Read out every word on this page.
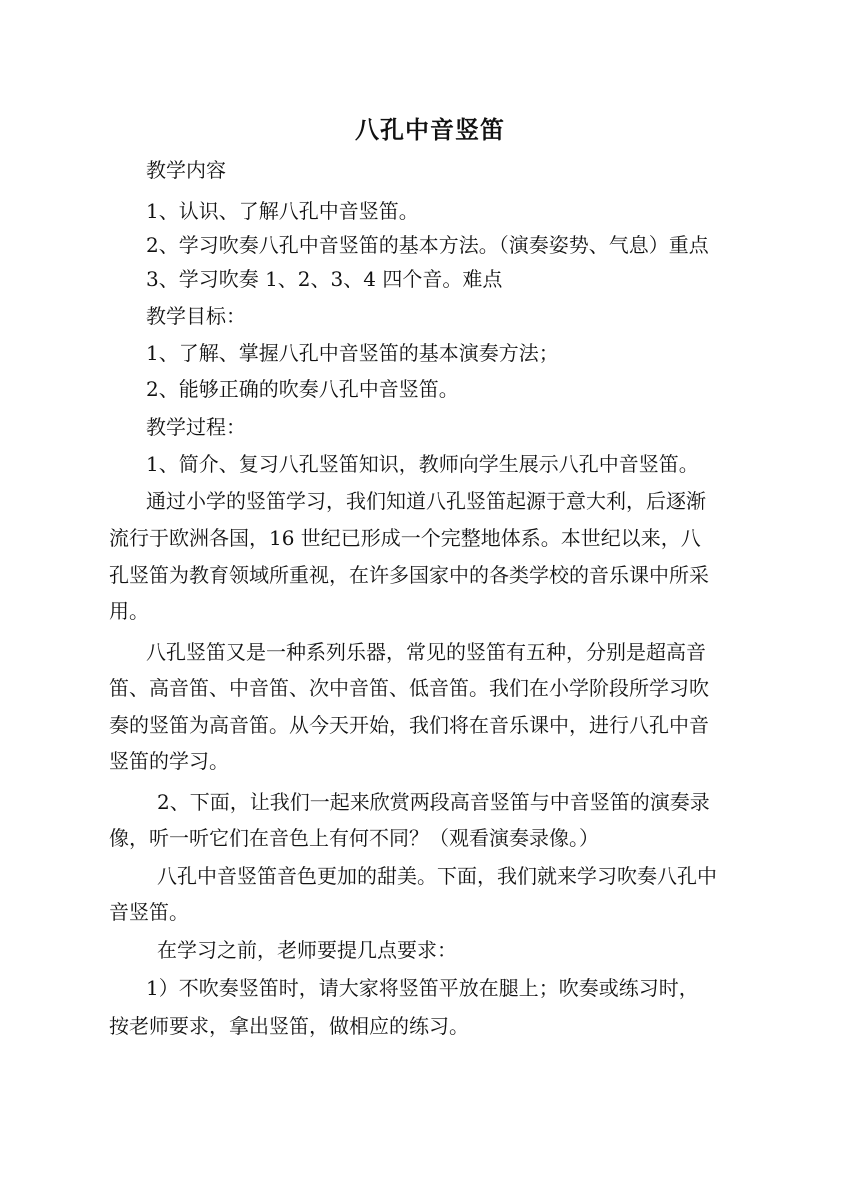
八孔中音竖笛
教学内容
1、认识、了解八孔中音竖笛。
2、学习吹奏八孔中音竖笛的基本方法。（演奏姿势、气息）重点
3、学习吹奏 1、2、3、4 四个音。难点
教学目标：
1、了解、掌握八孔中音竖笛的基本演奏方法；
2、能够正确的吹奏八孔中音竖笛。
教学过程：
1、简介、复习八孔竖笛知识，教师向学生展示八孔中音竖笛。
通过小学的竖笛学习，我们知道八孔竖笛起源于意大利，后逐渐
流行于欧洲各国，16 世纪已形成一个完整地体系。本世纪以来，八
孔竖笛为教育领域所重视，在许多国家中的各类学校的音乐课中所采
用。
八孔竖笛又是一种系列乐器，常见的竖笛有五种，分别是超高音
笛、高音笛、中音笛、次中音笛、低音笛。我们在小学阶段所学习吹
奏的竖笛为高音笛。从今天开始，我们将在音乐课中，进行八孔中音
竖笛的学习。
2、下面，让我们一起来欣赏两段高音竖笛与中音竖笛的演奏录
像，听一听它们在音色上有何不同？（观看演奏录像。）
八孔中音竖笛音色更加的甜美。下面，我们就来学习吹奏八孔中
音竖笛。
在学习之前，老师要提几点要求：
1）不吹奏竖笛时，请大家将竖笛平放在腿上；吹奏或练习时，
按老师要求，拿出竖笛，做相应的练习。
